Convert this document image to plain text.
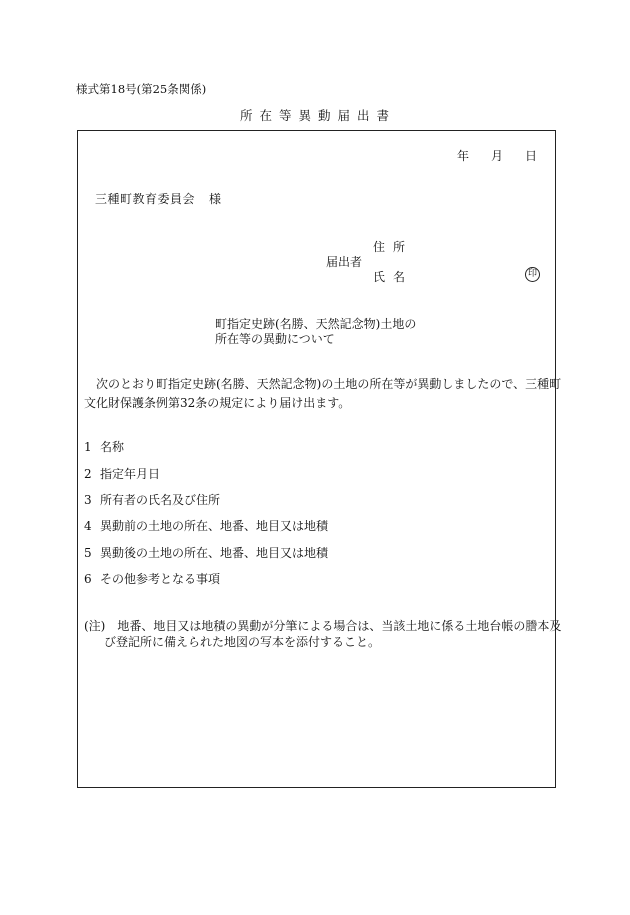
様式第18号(第25条関係)
所在等異動届出書
年 月 日
三種町教育委員会 様
住所
届出者
氏名	印
町指定史跡(名勝、天然記念物)土地の
所在等の異動について
次のとおり町指定史跡(名勝、天然記念物)の土地の所在等が異動しましたので、三種町
文化財保護条例第32条の規定により届け出ます。
1 名称
2 指定年月日
3 所有者の氏名及び住所
4 異動前の土地の所在、地番、地目又は地積
5 異動後の土地の所在、地番、地目又は地積
6 その他参考となる事項
(注)　地番、地目又は地積の異動が分筆による場合は、当該土地に係る土地台帳の謄本及
び登記所に備えられた地図の写本を添付すること。
